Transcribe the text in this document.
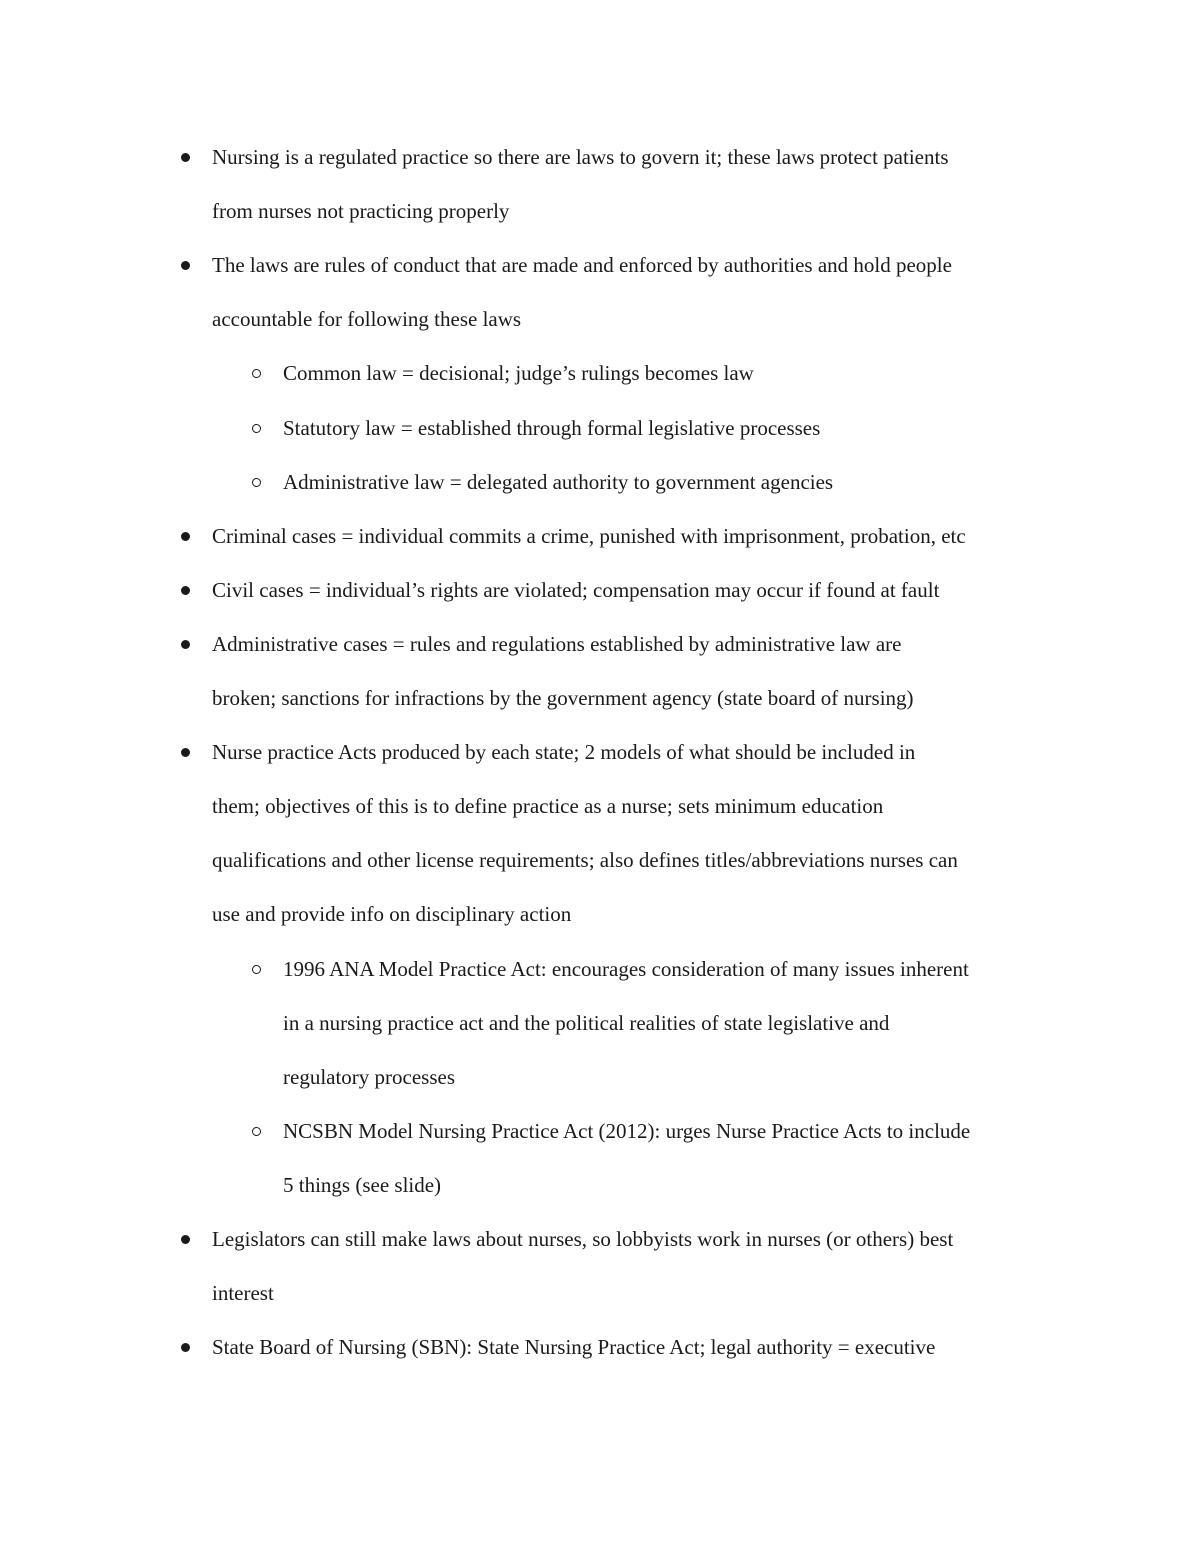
Nursing is a regulated practice so there are laws to govern it; these laws protect patients

from nurses not practicing properly

The laws are rules of conduct that are made and enforced by authorities and hold people

accountable for following these laws

Common law = decisional; judge’s rulings becomes law

Statutory law = established through formal legislative processes

Administrative law = delegated authority to government agencies

Criminal cases = individual commits a crime, punished with imprisonment, probation, etc

Civil cases = individual’s rights are violated; compensation may occur if found at fault

Administrative cases = rules and regulations established by administrative law are

broken; sanctions for infractions by the government agency (state board of nursing)

Nurse practice Acts produced by each state; 2 models of what should be included in

them; objectives of this is to define practice as a nurse; sets minimum education

qualifications and other license requirements; also defines titles/abbreviations nurses can

use and provide info on disciplinary action

1996 ANA Model Practice Act: encourages consideration of many issues inherent

in a nursing practice act and the political realities of state legislative and

regulatory processes

NCSBN Model Nursing Practice Act (2012): urges Nurse Practice Acts to include

5 things (see slide)

Legislators can still make laws about nurses, so lobbyists work in nurses (or others) best

interest

State Board of Nursing (SBN): State Nursing Practice Act; legal authority = executive
